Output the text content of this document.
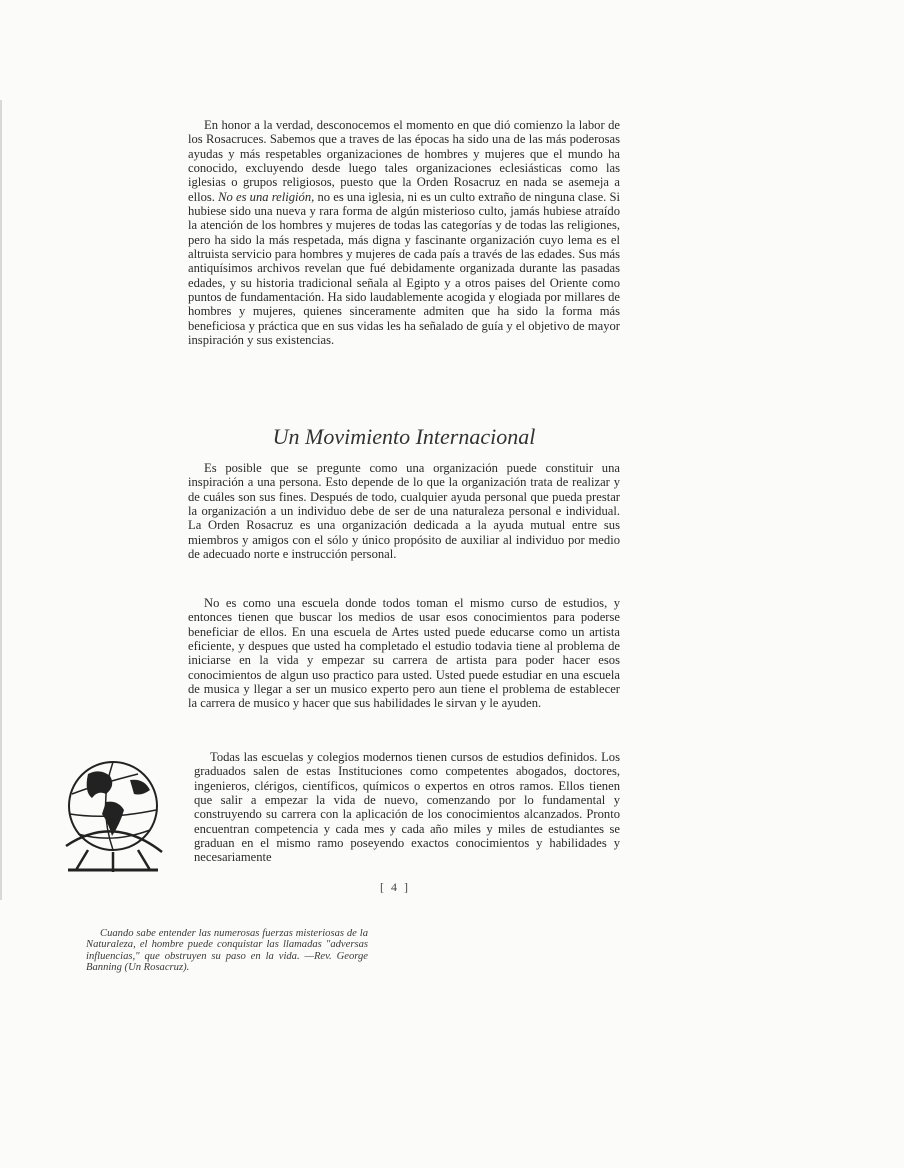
En honor a la verdad, desconocemos el momento en que dió comienzo la labor de los Rosacruces. Sabemos que a traves de las épocas ha sido una de las más poderosas ayudas y más respetables organizaciones de hombres y mujeres que el mundo ha conocido, excluyendo desde luego tales organizaciones eclesiásticas como las iglesias o grupos religiosos, puesto que la Orden Rosacruz en nada se asemeja a ellos. No es una religión, no es una iglesia, ni es un culto extraño de ninguna clase. Si hubiese sido una nueva y rara forma de algún misterioso culto, jamás hubiese atraído la atención de los hombres y mujeres de todas las categorías y de todas las religiones, pero ha sido la más respetada, más digna y fascinante organización cuyo lema es el altruista servicio para hombres y mujeres de cada país a través de las edades. Sus más antiquísimos archivos revelan que fué debidamente organizada durante las pasadas edades, y su historia tradicional señala al Egipto y a otros paises del Oriente como puntos de fundamentación. Ha sido laudablemente acogida y elogiada por millares de hombres y mujeres, quienes sinceramente admiten que ha sido la forma más beneficiosa y práctica que en sus vidas les ha señalado de guía y el objetivo de mayor inspiración y sus existencias.

Un Movimiento Internacional

Es posible que se pregunte como una organización puede constituir una inspiración a una persona. Esto depende de lo que la organización trata de realizar y de cuáles son sus fines. Después de todo, cualquier ayuda personal que pueda prestar la organización a un individuo debe de ser de una naturaleza personal e individual. La Orden Rosacruz es una organización dedicada a la ayuda mutual entre sus miembros y amigos con el sólo y único propósito de auxiliar al individuo por medio de adecuado norte e instrucción personal.

No es como una escuela donde todos toman el mismo curso de estudios, y entonces tienen que buscar los medios de usar esos conocimientos para poderse beneficiar de ellos. En una escuela de Artes usted puede educarse como un artista eficiente, y despues que usted ha completado el estudio todavia tiene al problema de iniciarse en la vida y empezar su carrera de artista para poder hacer esos conocimientos de algun uso practico para usted. Usted puede estudiar en una escuela de musica y llegar a ser un musico experto pero aun tiene el problema de establecer la carrera de musico y hacer que sus habilidades le sirvan y le ayuden.

Todas las escuelas y colegios modernos tienen cursos de estudios definidos. Los graduados salen de estas Instituciones como competentes abogados, doctores, ingenieros, clérigos, científicos, químicos o expertos en otros ramos. Ellos tienen que salir a empezar la vida de nuevo, comenzando por lo fundamental y construyendo su carrera con la aplicación de los conocimientos alcanzados. Pronto encuentran competencia y cada mes y cada año miles y miles de estudiantes se graduan en el mismo ramo poseyendo exactos conocimientos y habilidades y necesariamente

[ 4 ]

Cuando sabe entender las numerosas fuerzas misteriosas de la Naturaleza, el hombre puede conquistar las llamadas "adversas influencias," que obstruyen su paso en la vida. —Rev. George Banning (Un Rosacruz).
